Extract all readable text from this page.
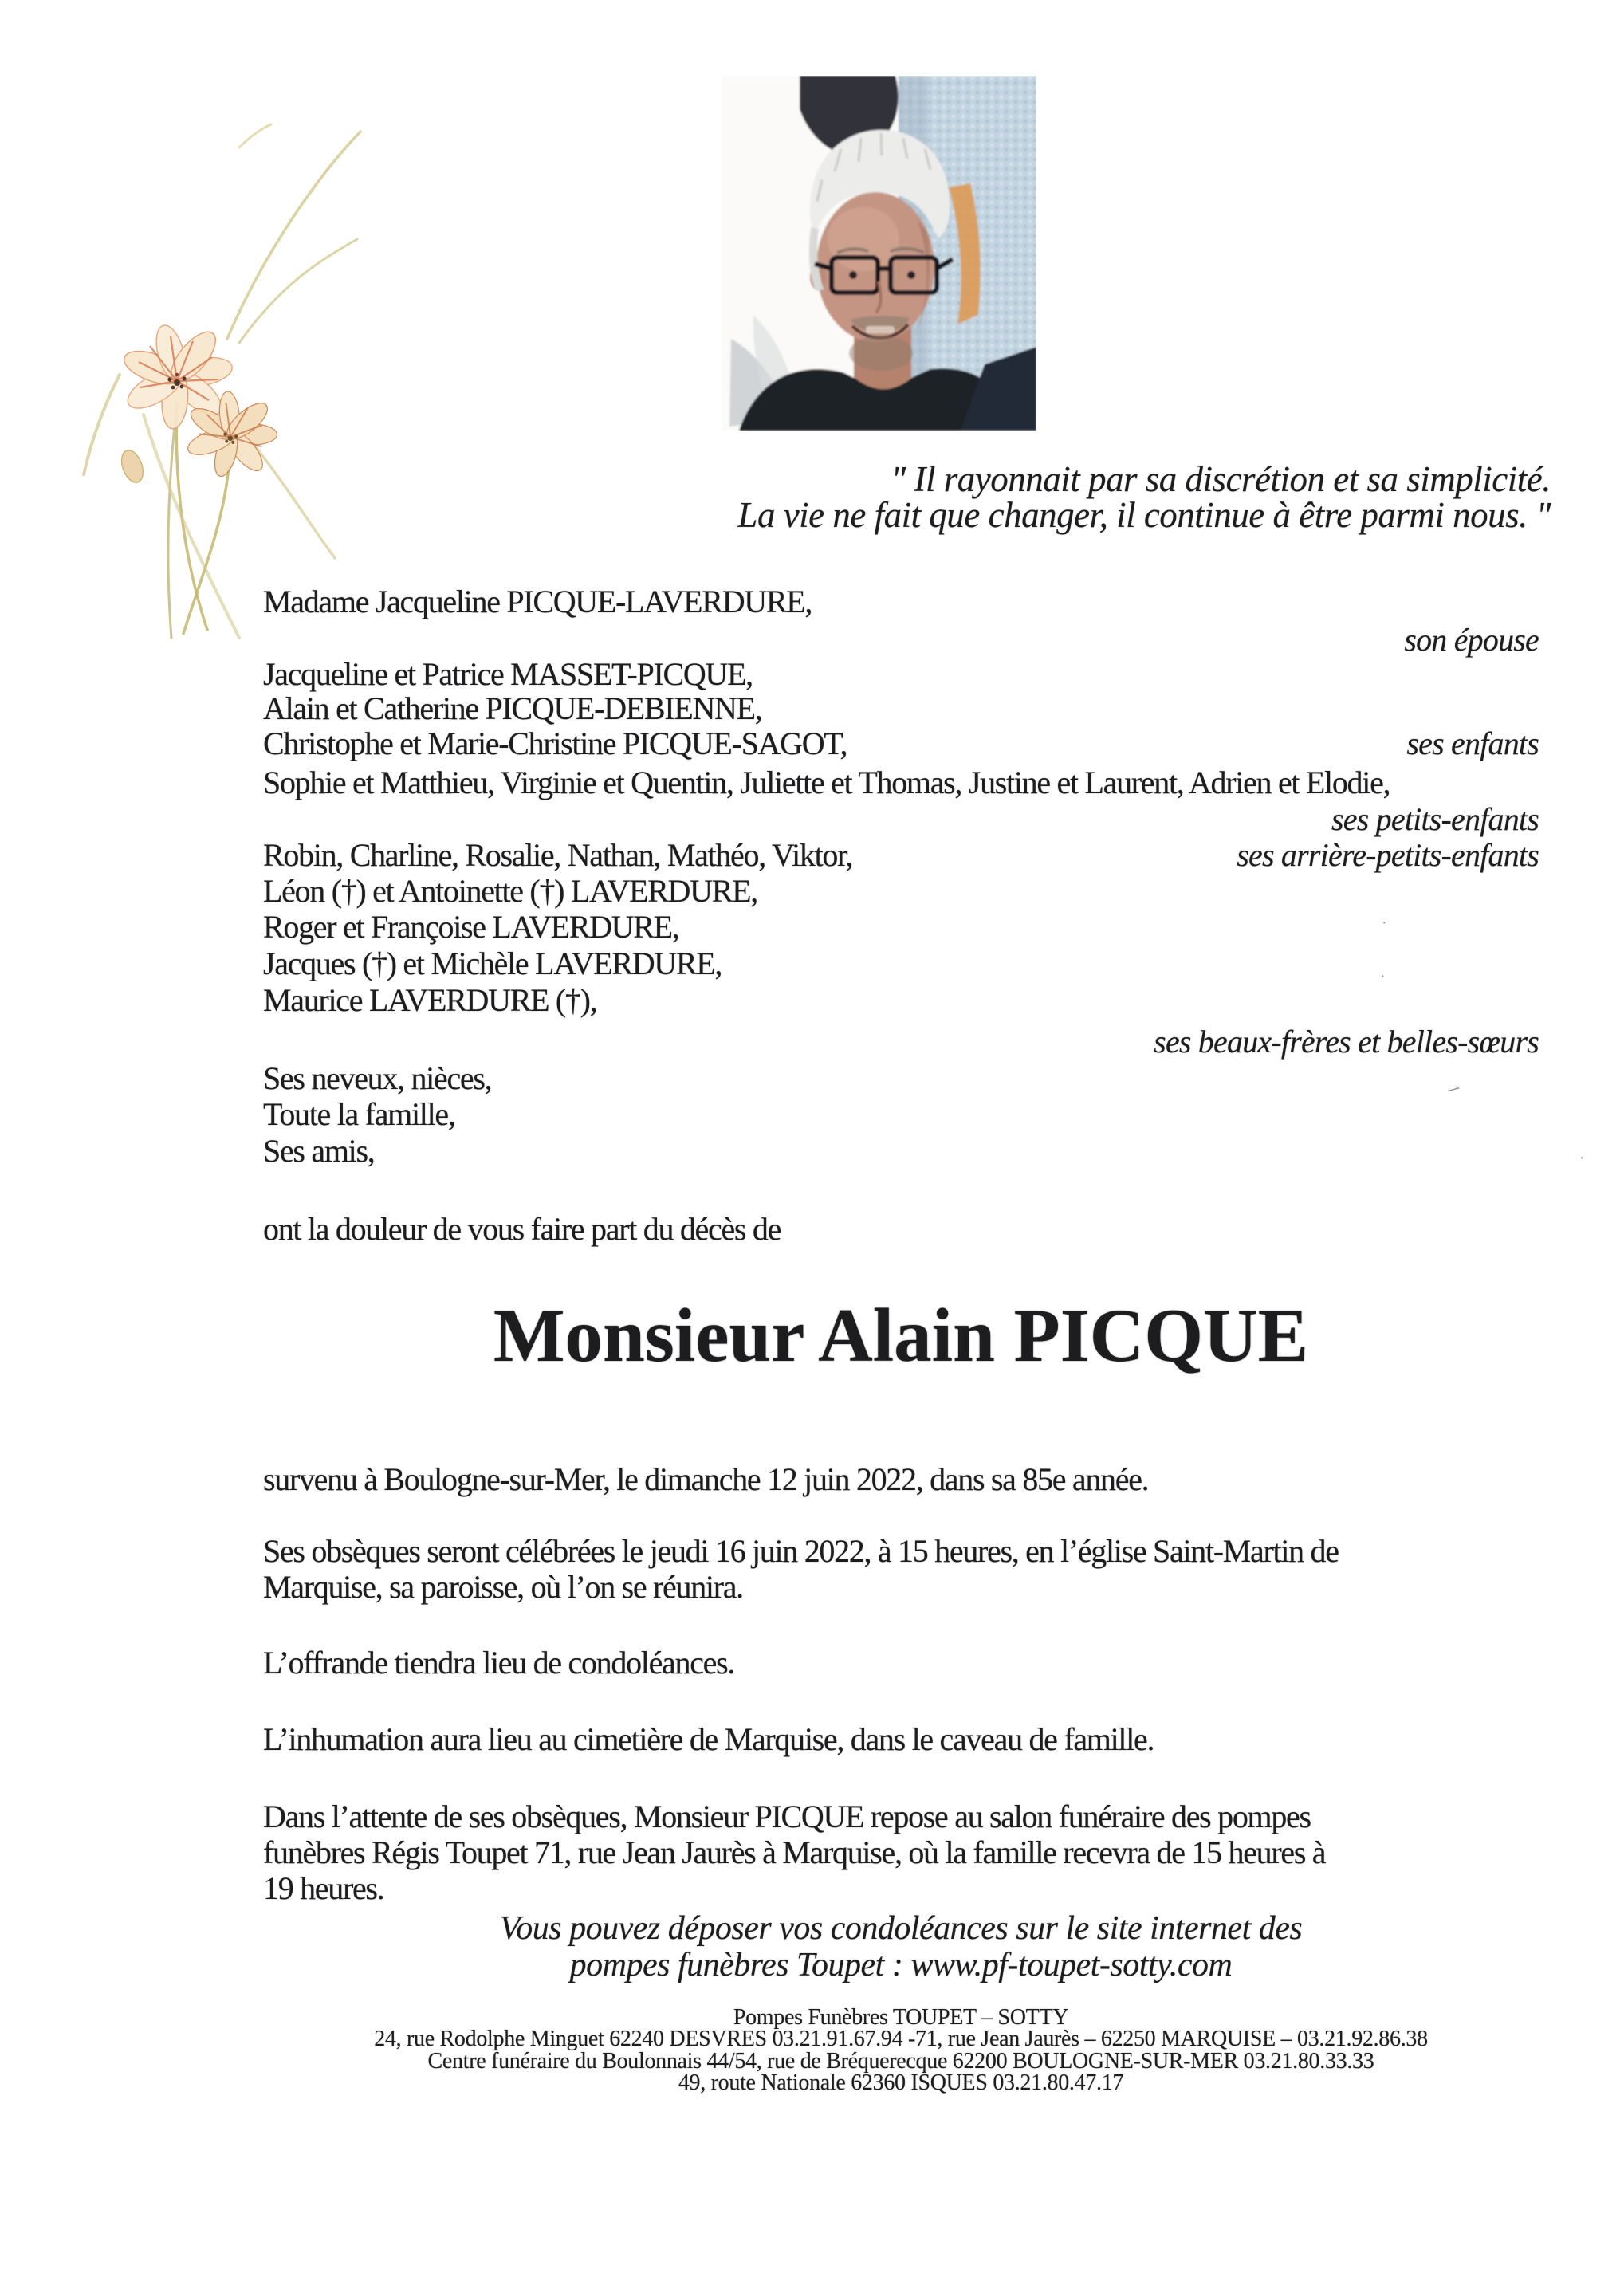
" Il rayonnait par sa discrétion et sa simplicité.
La vie ne fait que changer, il continue à être parmi nous. "
Madame Jacqueline PICQUE-LAVERDURE,
son épouse
Jacqueline et Patrice MASSET-PICQUE,
Alain et Catherine PICQUE-DEBIENNE,
Christophe et Marie-Christine PICQUE-SAGOT,	ses enfants
Sophie et Matthieu, Virginie et Quentin, Juliette et Thomas, Justine et Laurent, Adrien et Elodie,
ses petits-enfants
Robin, Charline, Rosalie, Nathan, Mathéo, Viktor,	ses arrière-petits-enfants
Léon (†) et Antoinette (†) LAVERDURE,
Roger et Françoise LAVERDURE,
Jacques (†) et Michèle LAVERDURE,
Maurice LAVERDURE (†),
ses beaux-frères et belles-sœurs
Ses neveux, nièces,
Toute la famille,
Ses amis,
ont la douleur de vous faire part du décès de
Monsieur Alain PICQUE
survenu à Boulogne-sur-Mer, le dimanche 12 juin 2022, dans sa 85e année.
Ses obsèques seront célébrées le jeudi 16 juin 2022, à 15 heures, en l’église Saint-Martin de
Marquise, sa paroisse, où l’on se réunira.
L’offrande tiendra lieu de condoléances.
L’inhumation aura lieu au cimetière de Marquise, dans le caveau de famille.
Dans l’attente de ses obsèques, Monsieur PICQUE repose au salon funéraire des pompes
funèbres Régis Toupet 71, rue Jean Jaurès à Marquise, où la famille recevra de 15 heures à
19 heures.
Vous pouvez déposer vos condoléances sur le site internet des
pompes funèbres Toupet : www.pf-toupet-sotty.com
Pompes Funèbres TOUPET – SOTTY
24, rue Rodolphe Minguet 62240 DESVRES 03.21.91.67.94 -71, rue Jean Jaurès – 62250 MARQUISE – 03.21.92.86.38
Centre funéraire du Boulonnais 44/54, rue de Bréquerecque 62200 BOULOGNE-SUR-MER 03.21.80.33.33
49, route Nationale 62360 ISQUES 03.21.80.47.17
·
·
⇀
·
